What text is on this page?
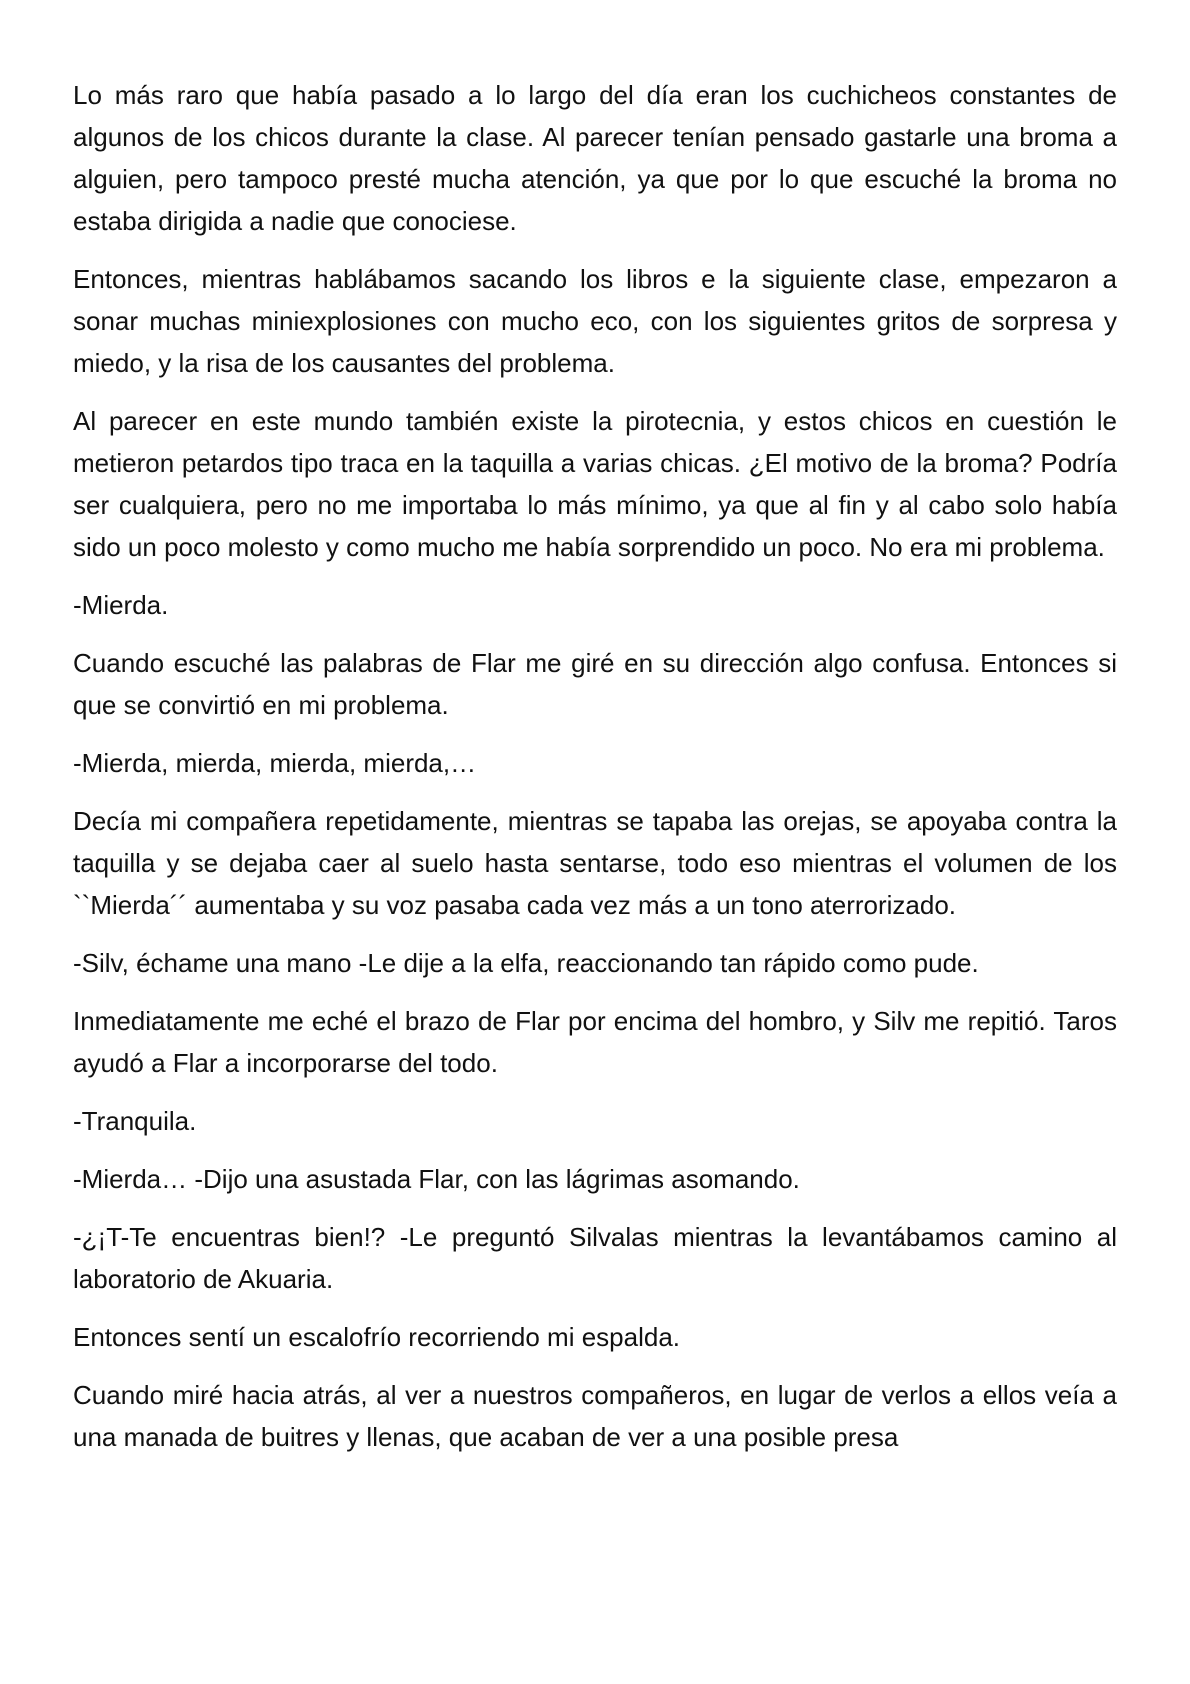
Lo más raro que había pasado a lo largo del día eran los cuchicheos constantes de algunos de los chicos durante la clase. Al parecer tenían pensado gastarle una broma a alguien, pero tampoco presté mucha atención, ya que por lo que escuché la broma no estaba dirigida a nadie que conociese.

Entonces, mientras hablábamos sacando los libros e la siguiente clase, empezaron a sonar muchas miniexplosiones con mucho eco, con los siguientes gritos de sorpresa y miedo, y la risa de los causantes del problema.

Al parecer en este mundo también existe la pirotecnia, y estos chicos en cuestión le metieron petardos tipo traca en la taquilla a varias chicas. ¿El motivo de la broma? Podría ser cualquiera, pero no me importaba lo más mínimo, ya que al fin y al cabo solo había sido un poco molesto y como mucho me había sorprendido un poco. No era mi problema.

-Mierda.

Cuando escuché las palabras de Flar me giré en su dirección algo confusa. Entonces si que se convirtió en mi problema.

-Mierda, mierda, mierda, mierda,…

Decía mi compañera repetidamente, mientras se tapaba las orejas, se apoyaba contra la taquilla y se dejaba caer al suelo hasta sentarse, todo eso mientras el volumen de los ``Mierda´´ aumentaba y su voz pasaba cada vez más a un tono aterrorizado.

-Silv, échame una mano -Le dije a la elfa, reaccionando tan rápido como pude.

Inmediatamente me eché el brazo de Flar por encima del hombro, y Silv me repitió. Taros ayudó a Flar a incorporarse del todo.

-Tranquila.

-Mierda… -Dijo una asustada Flar, con las lágrimas asomando.

-¿¡T-Te encuentras bien!? -Le preguntó Silvalas mientras la levantábamos camino al laboratorio de Akuaria.

Entonces sentí un escalofrío recorriendo mi espalda.

Cuando miré hacia atrás, al ver a nuestros compañeros, en lugar de verlos a ellos veía a una manada de buitres y llenas, que acaban de ver a una posible presa
